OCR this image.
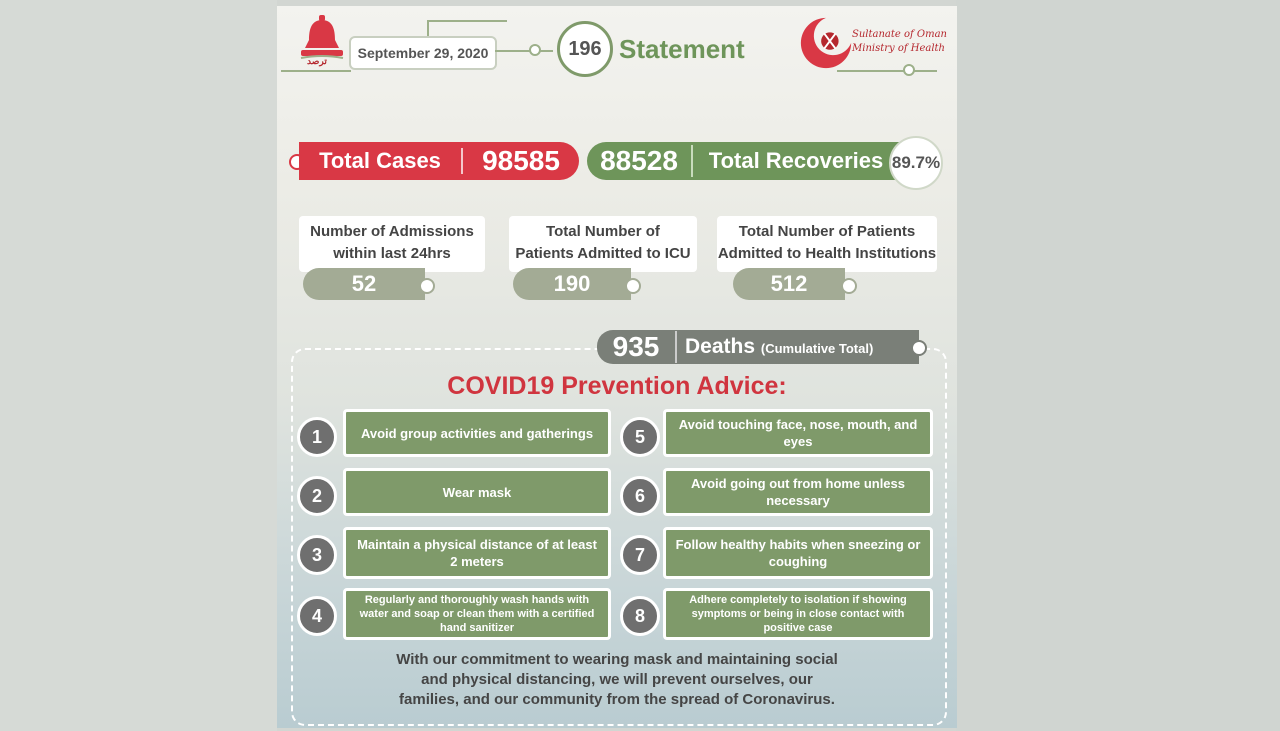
ترصد	September 29, 2020	196 Statement	Sultanate of Oman
Ministry of Health
Total Cases	98585	88528	Total Recoveries 89.7%
Number of Admissions
within last 24hrs
52
Total Number of
Patients Admitted to ICU
190
Total Number of Patients
Admitted to Health Institutions
512
935	Deaths (Cumulative Total)
COVID19 Prevention Advice:
1	Avoid group activities and gatherings
2	Wear mask
3	Maintain a physical distance of at least 2 meters
4
Regularly and thoroughly wash hands with water and soap or clean them with a certified hand sanitizer
5
Avoid touching face, nose, mouth, and eyes
6
Avoid going out from home unless necessary
7	Follow healthy habits when sneezing or coughing
8
Adhere completely to isolation if showing symptoms or being in close contact with positive case
With our commitment to wearing mask and maintaining social
and physical distancing, we will prevent ourselves, our
families, and our community from the spread of Coronavirus.
